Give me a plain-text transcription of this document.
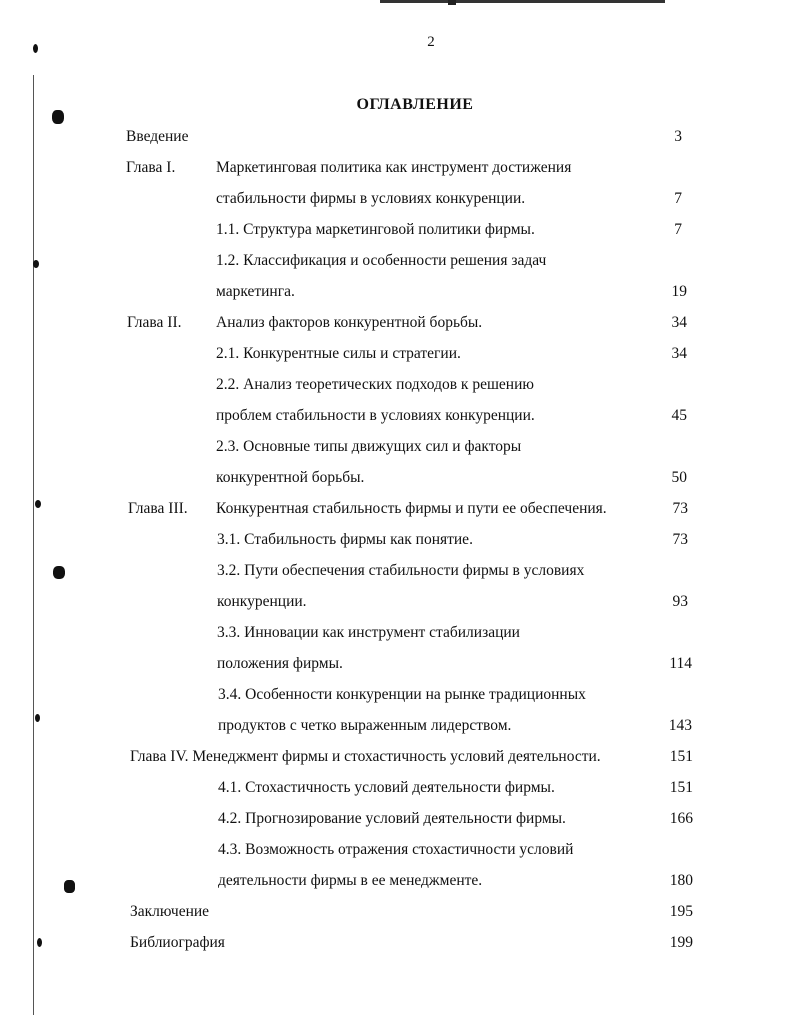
2
ОГЛАВЛЕНИЕ
Введение	3
Глава I.	Маркетинговая политика как инструмент достижения
стабильности фирмы в условиях конкуренции.	7
1.1. Структура маркетинговой политики фирмы.	7
1.2. Классификация и особенности решения задач
маркетинга.	19
Глава II. Анализ факторов конкурентной борьбы.	34
2.1. Конкурентные силы и стратегии.	34
2.2. Анализ теоретических подходов к решению
проблем стабильности в условиях конкуренции.	45
2.3. Основные типы движущих сил и факторы
конкурентной борьбы.	50
Глава III. Конкурентная стабильность фирмы и пути ее обеспечения.	73
3.1. Стабильность фирмы как понятие.	73
3.2. Пути обеспечения стабильности фирмы в условиях
конкуренции.	93
3.3. Инновации как инструмент стабилизации
положения фирмы.	114
3.4. Особенности конкуренции на рынке традиционных
продуктов с четко выраженным лидерством.	143
Глава IV. Менеджмент фирмы и стохастичность условий деятельности.	151
4.1. Стохастичность условий деятельности фирмы.	151
4.2. Прогнозирование условий деятельности фирмы.	166
4.3. Возможность отражения стохастичности условий
деятельности фирмы в ее менеджменте.	180
Заключение	195
Библиография	199
